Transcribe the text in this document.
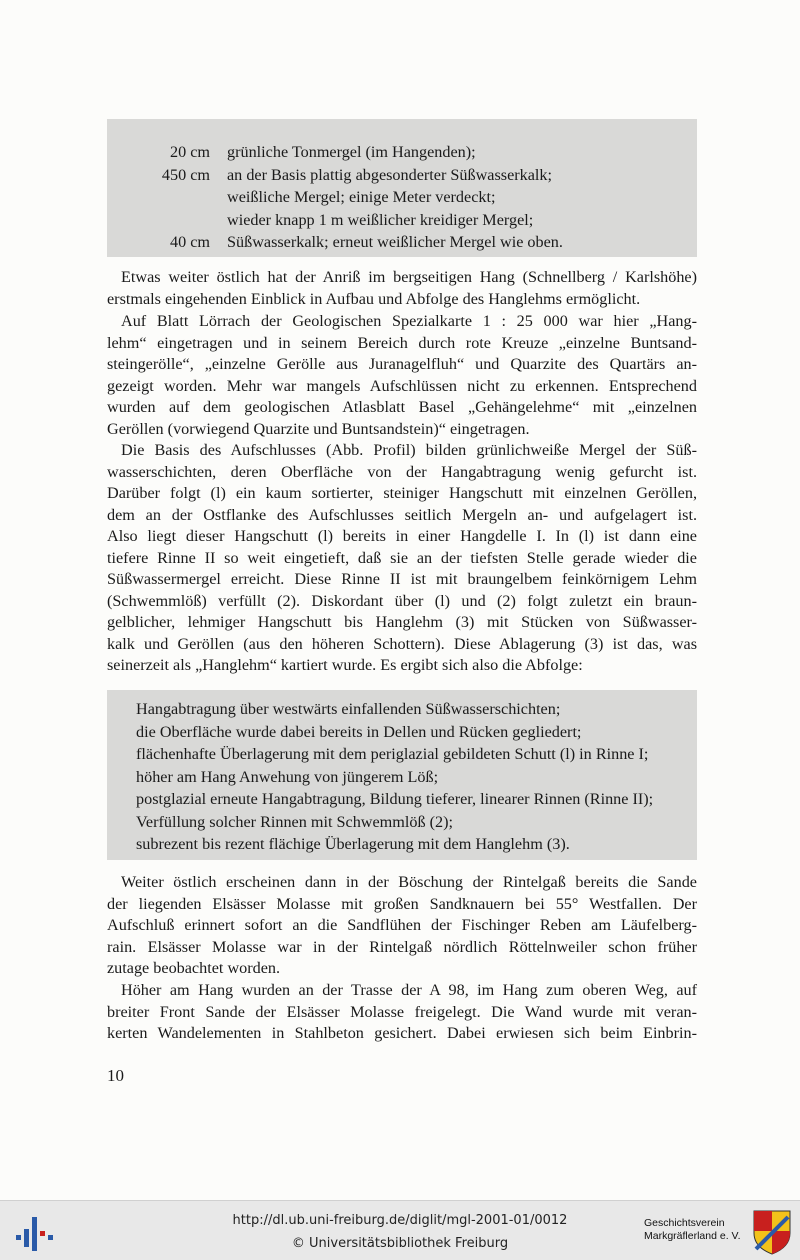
20 cm grünliche Tonmergel (im Hangenden);
450 cm an der Basis plattig abgesonderter Süßwasserkalk;
weißliche Mergel; einige Meter verdeckt;
wieder knapp 1 m weißlicher kreidiger Mergel;
40 cm Süßwasserkalk; erneut weißlicher Mergel wie oben.
Etwas weiter östlich hat der Anriß im bergseitigen Hang (Schnellberg / Karlshöhe)
erstmals eingehenden Einblick in Aufbau und Abfolge des Hanglehms ermöglicht.
Auf Blatt Lörrach der Geologischen Spezialkarte 1 : 25 000 war hier „Hang-
lehm“ eingetragen und in seinem Bereich durch rote Kreuze „einzelne Buntsand-
steingerölle“, „einzelne Gerölle aus Juranagelfluh“ und Quarzite des Quartärs an-
gezeigt worden. Mehr war mangels Aufschlüssen nicht zu erkennen. Entsprechend
wurden auf dem geologischen Atlasblatt Basel „Gehängelehme“ mit „einzelnen
Geröllen (vorwiegend Quarzite und Buntsandstein)“ eingetragen.
Die Basis des Aufschlusses (Abb. Profil) bilden grünlichweiße Mergel der Süß-
wasserschichten, deren Oberfläche von der Hangabtragung wenig gefurcht ist.
Darüber folgt (l) ein kaum sortierter, steiniger Hangschutt mit einzelnen Geröllen,
dem an der Ostflanke des Aufschlusses seitlich Mergeln an- und aufgelagert ist.
Also liegt dieser Hangschutt (l) bereits in einer Hangdelle I. In (l) ist dann eine
tiefere Rinne II so weit eingetieft, daß sie an der tiefsten Stelle gerade wieder die
Süßwassermergel erreicht. Diese Rinne II ist mit braungelbem feinkörnigem Lehm
(Schwemmlöß) verfüllt (2). Diskordant über (l) und (2) folgt zuletzt ein braun-
gelblicher, lehmiger Hangschutt bis Hanglehm (3) mit Stücken von Süßwasser-
kalk und Geröllen (aus den höheren Schottern). Diese Ablagerung (3) ist das, was
seinerzeit als „Hanglehm“ kartiert wurde. Es ergibt sich also die Abfolge:
Hangabtragung über westwärts einfallenden Süßwasserschichten;
die Oberfläche wurde dabei bereits in Dellen und Rücken gegliedert;
flächenhafte Überlagerung mit dem periglazial gebildeten Schutt (l) in Rinne I;
höher am Hang Anwehung von jüngerem Löß;
postglazial erneute Hangabtragung, Bildung tieferer, linearer Rinnen (Rinne II);
Verfüllung solcher Rinnen mit Schwemmlöß (2);
subrezent bis rezent flächige Überlagerung mit dem Hanglehm (3).
Weiter östlich erscheinen dann in der Böschung der Rintelgaß bereits die Sande
der liegenden Elsässer Molasse mit großen Sandknauern bei 55° Westfallen. Der
Aufschluß erinnert sofort an die Sandflühen der Fischinger Reben am Läufelberg-
rain. Elsässer Molasse war in der Rintelgaß nördlich Röttelnweiler schon früher
zutage beobachtet worden.
Höher am Hang wurden an der Trasse der A 98, im Hang zum oberen Weg, auf
breiter Front Sande der Elsässer Molasse freigelegt. Die Wand wurde mit veran-
kerten Wandelementen in Stahlbeton gesichert. Dabei erwiesen sich beim Einbrin-
10
http://dl.ub.uni-freiburg.de/diglit/mgl-2001-01/0012
© Universitätsbibliothek Freiburg
Geschichtsverein
Markgräflerland e. V.
